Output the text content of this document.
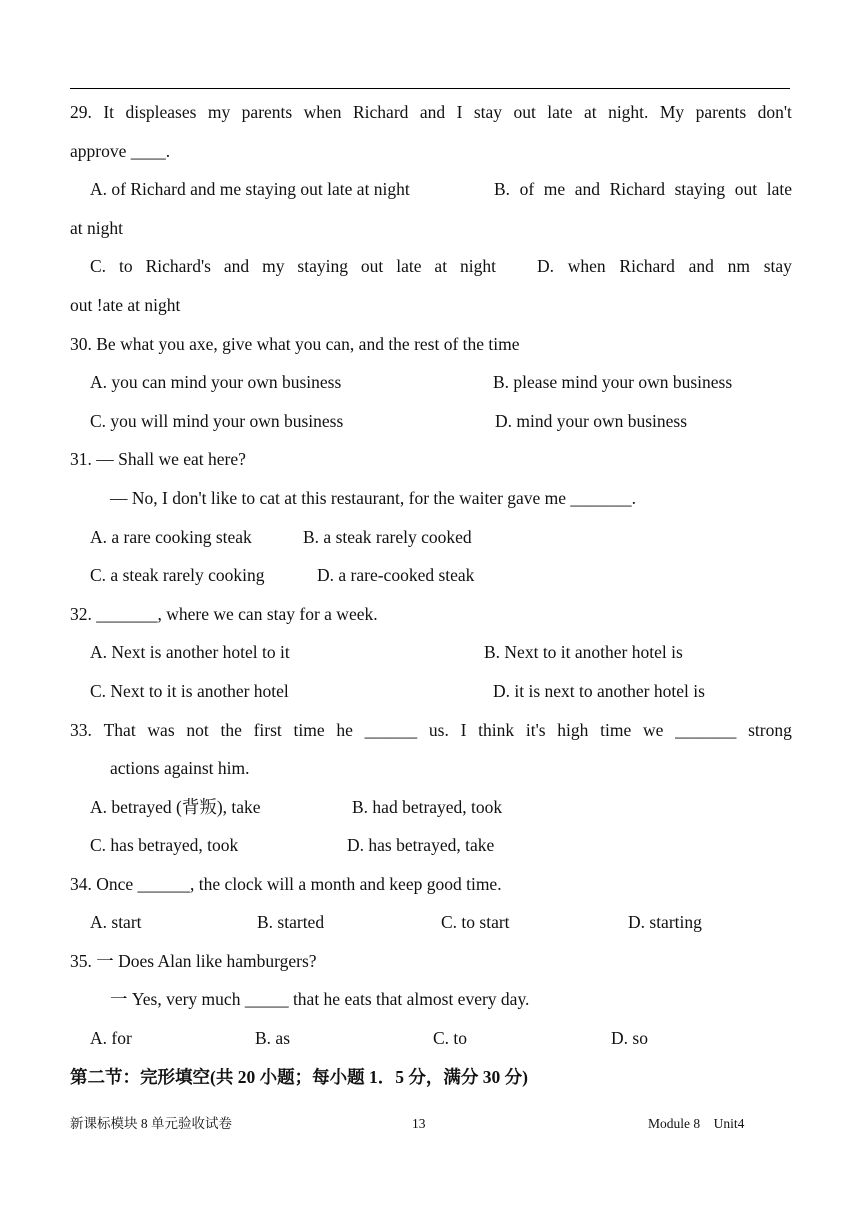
29. It displeases my parents when Richard and I stay out late at night. My parents don't
approve ____.
A. of Richard and me staying out late at night	B. of me and Richard staying out late
at night
C. to Richard's and my staying out late at night D. when Richard and nm stay
out !ate at night
30. Be what you axe, give what you can, and the rest of the time
A. you can mind your own business	B. please mind your own business
C. you will mind your own business	D. mind your own business
31. — Shall we eat here?
— No, I don't like to cat at this restaurant, for the waiter gave me _______.
A. a rare cooking steak	B. a steak rarely cooked
C. a steak rarely cooking	D. a rare-cooked steak
32. _______, where we can stay for a week.
A. Next is another hotel to it	B. Next to it another hotel is
C. Next to it is another hotel	D. it is next to another hotel is
33. That was not the first time he ______ us. I think it's high time we _______ strong
actions against him.
A. betrayed (背叛), take	B. had betrayed, took
C. has betrayed, took	D. has betrayed, take
34. Once ______, the clock will a month and keep good time.
A. start	B. started	C. to start	D. starting
35. 一 Does Alan like hamburgers?
一 Yes, very much _____ that he eats that almost every day.
A. for	B. as	C. to	D. so
第二节：完形填空(共 20 小题；每小题 1．5 分，满分 30 分)
新课标模块 8 单元验收试卷	13	Module 8    Unit4
